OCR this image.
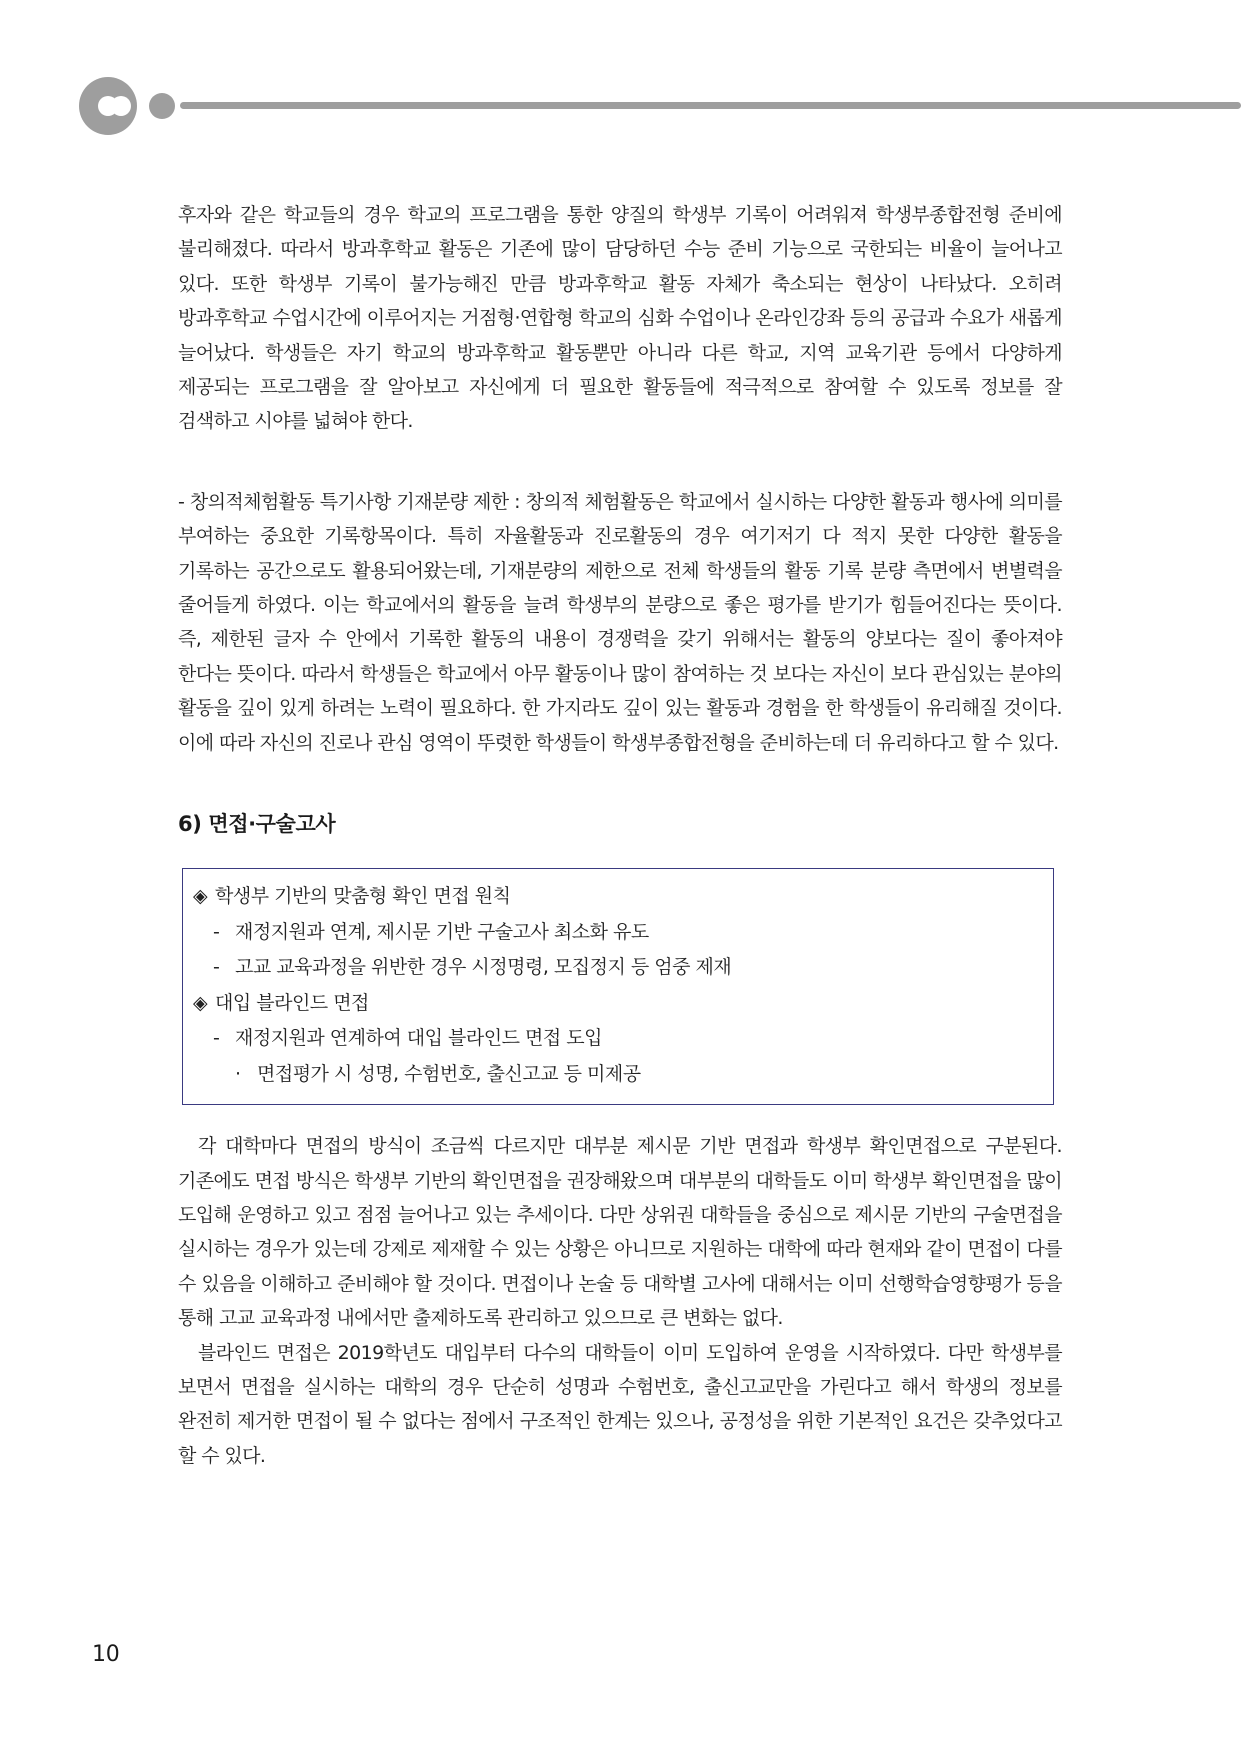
후자와 같은 학교들의 경우 학교의 프로그램을 통한 양질의 학생부 기록이 어려워져 학생부종합전형 준비에 불리해졌다. 따라서 방과후학교 활동은 기존에 많이 담당하던 수능 준비 기능으로 국한되는 비율이 늘어나고 있다. 또한 학생부 기록이 불가능해진 만큼 방과후학교 활동 자체가 축소되는 현상이 나타났다. 오히려 방과후학교 수업시간에 이루어지는 거점형·연합형 학교의 심화 수업이나 온라인강좌 등의 공급과 수요가 새롭게 늘어났다. 학생들은 자기 학교의 방과후학교 활동뿐만 아니라 다른 학교, 지역 교육기관 등에서 다양하게 제공되는 프로그램을 잘 알아보고 자신에게 더 필요한 활동들에 적극적으로 참여할 수 있도록 정보를 잘 검색하고 시야를 넓혀야 한다.

- 창의적체험활동 특기사항 기재분량 제한 : 창의적 체험활동은 학교에서 실시하는 다양한 활동과 행사에 의미를 부여하는 중요한 기록항목이다. 특히 자율활동과 진로활동의 경우 여기저기 다 적지 못한 다양한 활동을 기록하는 공간으로도 활용되어왔는데, 기재분량의 제한으로 전체 학생들의 활동 기록 분량 측면에서 변별력을 줄어들게 하였다. 이는 학교에서의 활동을 늘려 학생부의 분량으로 좋은 평가를 받기가 힘들어진다는 뜻이다. 즉, 제한된 글자 수 안에서 기록한 활동의 내용이 경쟁력을 갖기 위해서는 활동의 양보다는 질이 좋아져야 한다는 뜻이다. 따라서 학생들은 학교에서 아무 활동이나 많이 참여하는 것 보다는 자신이 보다 관심있는 분야의 활동을 깊이 있게 하려는 노력이 필요하다. 한 가지라도 깊이 있는 활동과 경험을 한 학생들이 유리해질 것이다. 이에 따라 자신의 진로나 관심 영역이 뚜렷한 학생들이 학생부종합전형을 준비하는데 더 유리하다고 할 수 있다.

6) 면접·구술고사
◈ 학생부 기반의 맞춤형 확인 면접 원칙
- 재정지원과 연계, 제시문 기반 구술고사 최소화 유도
- 고교 교육과정을 위반한 경우 시정명령, 모집정지 등 엄중 제재
◈ 대입 블라인드 면접
- 재정지원과 연계하여 대입 블라인드 면접 도입
· 면접평가 시 성명, 수험번호, 출신고교 등 미제공

각 대학마다 면접의 방식이 조금씩 다르지만 대부분 제시문 기반 면접과 학생부 확인면접으로 구분된다. 기존에도 면접 방식은 학생부 기반의 확인면접을 권장해왔으며 대부분의 대학들도 이미 학생부 확인면접을 많이 도입해 운영하고 있고 점점 늘어나고 있는 추세이다. 다만 상위권 대학들을 중심으로 제시문 기반의 구술면접을 실시하는 경우가 있는데 강제로 제재할 수 있는 상황은 아니므로 지원하는 대학에 따라 현재와 같이 면접이 다를 수 있음을 이해하고 준비해야 할 것이다. 면접이나 논술 등 대학별 고사에 대해서는 이미 선행학습영향평가 등을 통해 고교 교육과정 내에서만 출제하도록 관리하고 있으므로 큰 변화는 없다.

블라인드 면접은 2019학년도 대입부터 다수의 대학들이 이미 도입하여 운영을 시작하였다. 다만 학생부를 보면서 면접을 실시하는 대학의 경우 단순히 성명과 수험번호, 출신고교만을 가린다고 해서 학생의 정보를 완전히 제거한 면접이 될 수 없다는 점에서 구조적인 한계는 있으나, 공정성을 위한 기본적인 요건은 갖추었다고 할 수 있다.

10
